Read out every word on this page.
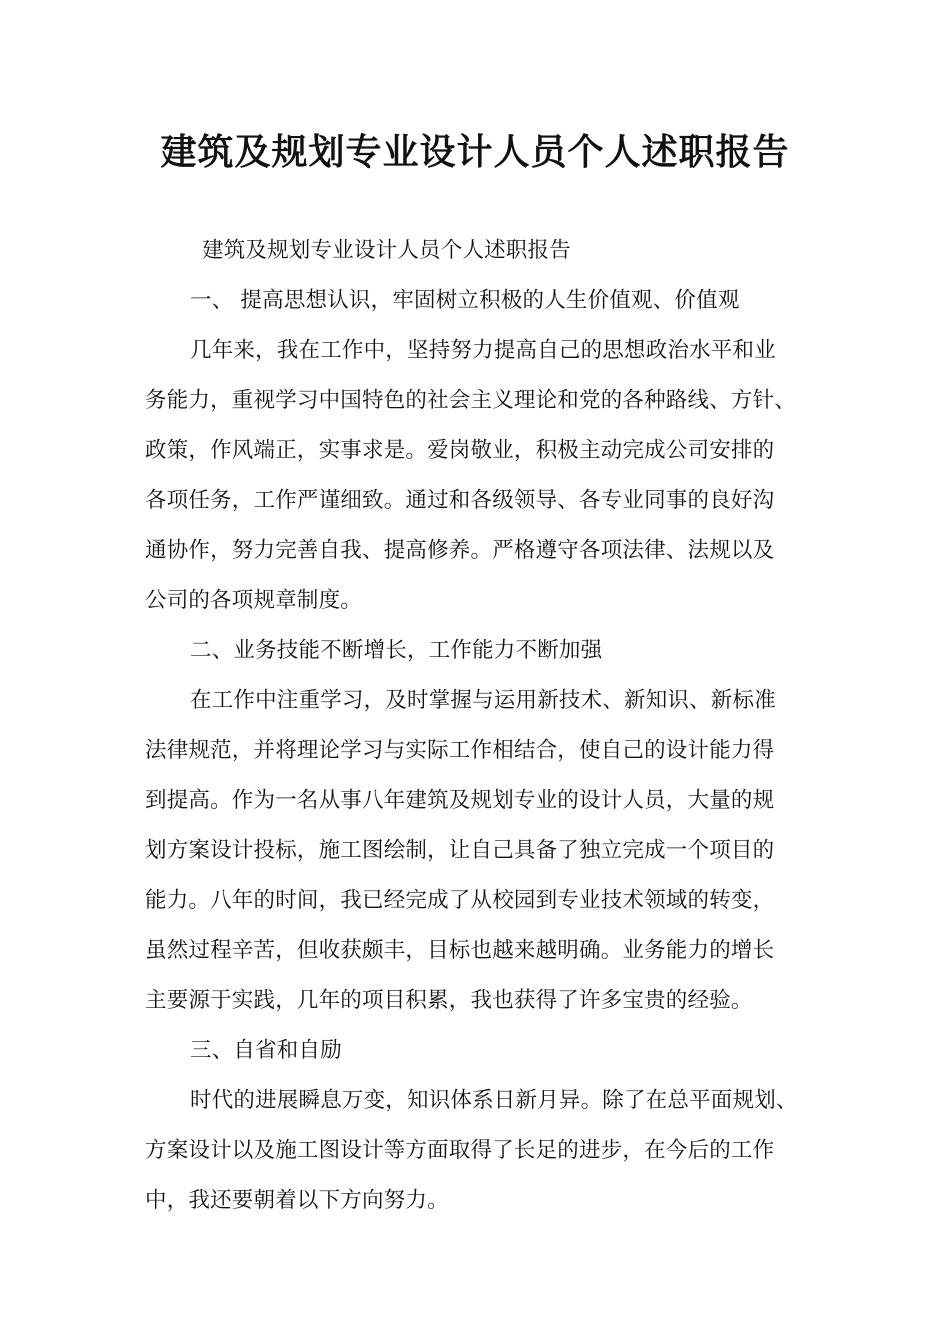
建筑及规划专业设计人员个人述职报告
建筑及规划专业设计人员个人述职报告
一、 提高思想认识，牢固树立积极的人生价值观、价值观
几年来，我在工作中，坚持努力提高自己的思想政治水平和业
务能力，重视学习中国特色的社会主义理论和党的各种路线、方针、
政策，作风端正，实事求是。爱岗敬业，积极主动完成公司安排的
各项任务，工作严谨细致。通过和各级领导、各专业同事的良好沟
通协作，努力完善自我、提高修养。严格遵守各项法律、法规以及
公司的各项规章制度。
二、业务技能不断增长，工作能力不断加强
在工作中注重学习，及时掌握与运用新技术、新知识、新标准
法律规范，并将理论学习与实际工作相结合，使自己的设计能力得
到提高。作为一名从事八年建筑及规划专业的设计人员，大量的规
划方案设计投标，施工图绘制，让自己具备了独立完成一个项目的
能力。八年的时间，我已经完成了从校园到专业技术领域的转变，
虽然过程辛苦，但收获颇丰，目标也越来越明确。业务能力的增长
主要源于实践，几年的项目积累，我也获得了许多宝贵的经验。
三、自省和自励
时代的进展瞬息万变，知识体系日新月异。除了在总平面规划、
方案设计以及施工图设计等方面取得了长足的进步，在今后的工作
中，我还要朝着以下方向努力。
